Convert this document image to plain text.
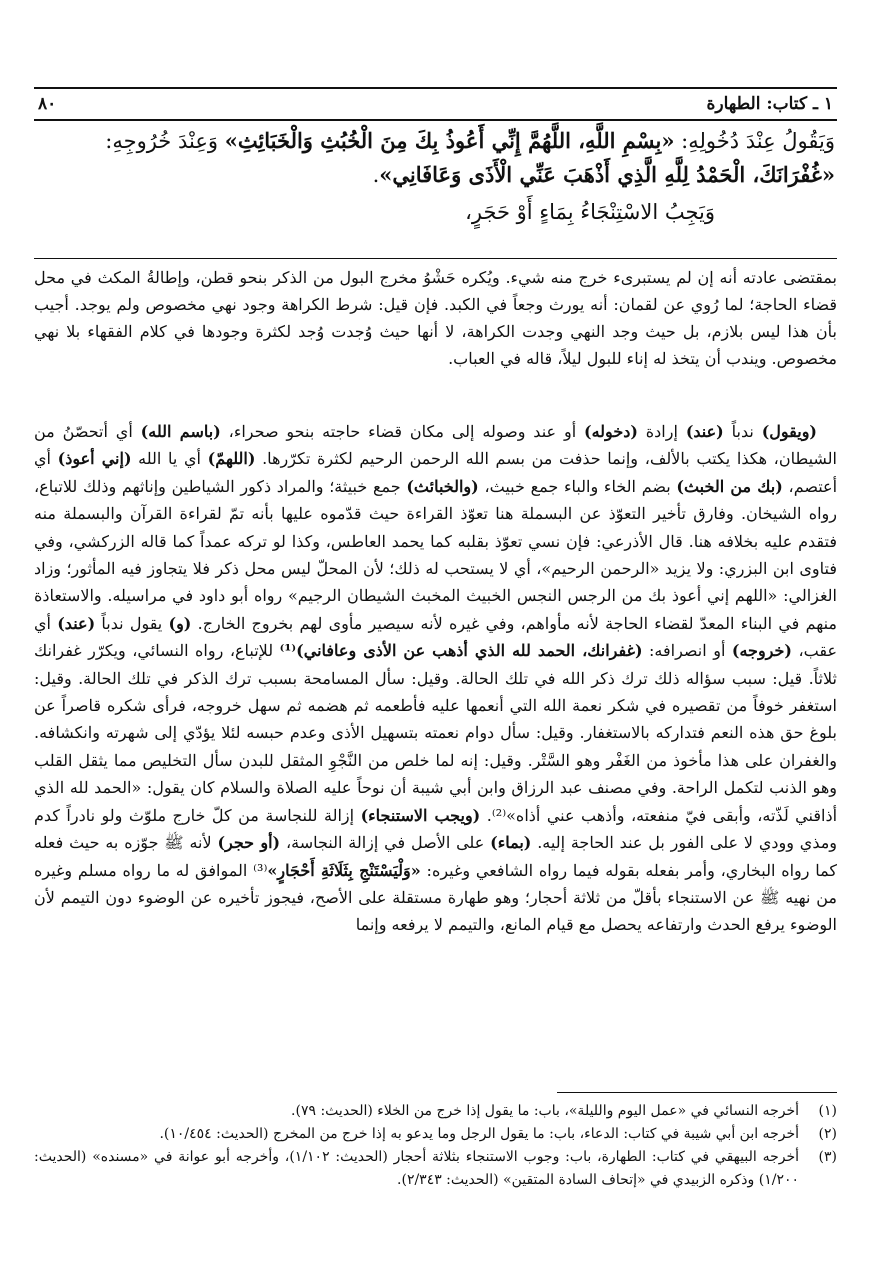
١ ـ كتاب: الطهارة
٨٠

وَيَقُولُ عِنْدَ دُخُولِهِ: «بِسْمِ اللَّهِ، اللَّهُمَّ إِنِّي أَعُوذُ بِكَ مِنَ الْخُبُثِ وَالْخَبَائِثِ» وَعِنْدَ خُرُوجِهِ:

«غُفْرَانَكَ، الْحَمْدُ لِلَّهِ الَّذِي أَذْهَبَ عَنِّي الْأَذَى وَعَافَانِي».

وَيَجِبُ الاسْتِنْجَاءُ بِمَاءٍ أَوْ حَجَرٍ،

بمقتضى عادته أنه إن لم يستبرىء خرج منه شيء. ويُكره حَشْوُ مخرج البول من الذكر بنحو قطن، وإطالةُ المكث في محل قضاء الحاجة؛ لما رُوي عن لقمان: أنه يورث وجعاً في الكبد. فإن قيل: شرط الكراهة وجود نهي مخصوص ولم يوجد. أجيب بأن هذا ليس بلازم، بل حيث وجد النهي وجدت الكراهة، لا أنها حيث وُجدت وُجد لكثرة وجودها في كلام الفقهاء بلا نهي مخصوص. ويندب أن يتخذ له إناء للبول ليلاً، قاله في العباب.

(ويقول) ندباً (عند) إرادة (دخوله) أو عند وصوله إلى مكان قضاء حاجته بنحو صحراء، (باسم الله) أي أتحصّنُ من الشيطان، هكذا يكتب بالألف، وإنما حذفت من بسم الله الرحمن الرحيم لكثرة تكرّرها. (اللهمّ) أي يا الله (إني أعوذ) أي أعتصم، (بك من الخبث) بضم الخاء والباء جمع خبيث، (والخبائث) جمع خبيثة؛ والمراد ذكور الشياطين وإناثهم وذلك للاتباع، رواه الشيخان. وفارق تأخير التعوّذ عن البسملة هنا تعوّذ القراءة حيث قدّموه عليها بأنه تمّ لقراءة القرآن والبسملة منه فتقدم عليه بخلافه هنا. قال الأذرعي: فإن نسي تعوّذ بقلبه كما يحمد العاطس، وكذا لو تركه عمداً كما قاله الزركشي، وفي فتاوى ابن البزري: ولا يزيد «الرحمن الرحيم»، أي لا يستحب له ذلك؛ لأن المحلّ ليس محل ذكر فلا يتجاوز فيه المأثور؛ وزاد الغزالي: «اللهم إني أعوذ بك من الرجس النجس الخبيث المخبث الشيطان الرجيم» رواه أبو داود في مراسيله. والاستعاذة منهم في البناء المعدّ لقضاء الحاجة لأنه مأواهم، وفي غيره لأنه سيصير مأوى لهم بخروج الخارج. (و) يقول ندباً (عند) أي عقب، (خروجه) أو انصرافه: (غفرانك، الحمد لله الذي أذهب عن الأذى وعافاني)⁽¹⁾ للإتباع، رواه النسائي، ويكرّر غفرانك ثلاثاً. قيل: سبب سؤاله ذلك ترك ذكر الله في تلك الحالة. وقيل: سأل المسامحة بسبب ترك الذكر في تلك الحالة. وقيل: استغفر خوفاً من تقصيره في شكر نعمة الله التي أنعمها عليه فأطعمه ثم هضمه ثم سهل خروجه، فرأى شكره قاصراً عن بلوغ حق هذه النعم فتداركه بالاستغفار. وقيل: سأل دوام نعمته بتسهيل الأذى وعدم حبسه لئلا يؤدّي إلى شهرته وانكشافه. والغفران على هذا مأخوذ من الغَفْر وهو السَّتْر. وقيل: إنه لما خلص من النَّجْوِ المثقل للبدن سأل التخليص مما يثقل القلب وهو الذنب لتكمل الراحة. وفي مصنف عبد الرزاق وابن أبي شيبة أن نوحاً عليه الصلاة والسلام كان يقول: «الحمد لله الذي أذاقني لَذّته، وأبقى فيّ منفعته، وأذهب عني أذاه»⁽²⁾. (ويجب الاستنجاء) إزالة للنجاسة من كلّ خارج ملوّث ولو نادراً كدم ومذي وودي لا على الفور بل عند الحاجة إليه. (بماء) على الأصل في إزالة النجاسة، (أو حجر) لأنه ﷺ جوّزه به حيث فعله كما رواه البخاري، وأمر بفعله بقوله فيما رواه الشافعي وغيره: «وَلْيَسْتَنْجِ بِثَلَاثَةِ أَحْجَارٍ»⁽³⁾ الموافق له ما رواه مسلم وغيره من نهيه ﷺ عن الاستنجاء بأقلّ من ثلاثة أحجار؛ وهو طهارة مستقلة على الأصح، فيجوز تأخيره عن الوضوء دون التيمم لأن الوضوء يرفع الحدث وارتفاعه يحصل مع قيام المانع، والتيمم لا يرفعه وإنما

(١)
أخرجه النسائي في «عمل اليوم والليلة»، باب: ما يقول إذا خرج من الخلاء (الحديث: ٧٩).

(٢)
أخرجه ابن أبي شيبة في كتاب: الدعاء، باب: ما يقول الرجل وما يدعو به إذا خرج من المخرج (الحديث: ١٠/٤٥٤).

(٣)
أخرجه البيهقي في كتاب: الطهارة، باب: وجوب الاستنجاء بثلاثة أحجار (الحديث: ١/١٠٢)، وأخرجه أبو عوانة في «مسنده» (الحديث: ١/٢٠٠) وذكره الزبيدي في «إتحاف السادة المتقين» (الحديث: ٢/٣٤٣).
